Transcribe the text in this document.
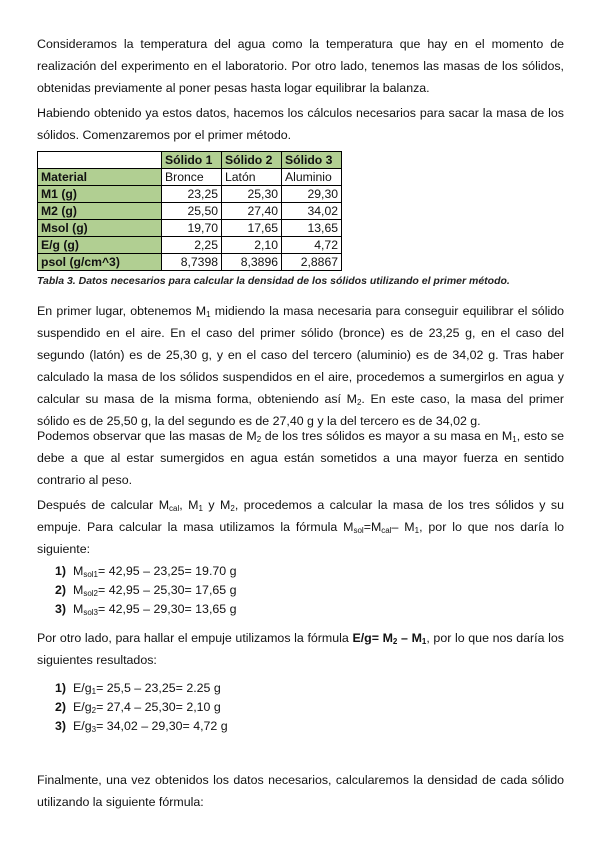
Consideramos la temperatura del agua como la temperatura que hay en el momento de realización del experimento en el laboratorio. Por otro lado, tenemos las masas de los sólidos, obtenidas previamente al poner pesas hasta logar equilibrar la balanza.

Habiendo obtenido ya estos datos, hacemos los cálculos necesarios para sacar la masa de los sólidos. Comenzaremos por el primer método.

	Sólido 1	Sólido 2	Sólido 3
Material	Bronce	Latón	Aluminio
M1 (g)	23,25	25,30	29,30
M2 (g)	25,50	27,40	34,02
Msol (g)	19,70	17,65	13,65
E/g (g)	2,25	2,10	4,72
psol (g/cm^3)	8,7398	8,3896	2,8867
Tabla 3. Datos necesarios para calcular la densidad de los sólidos utilizando el primer método.

En primer lugar, obtenemos $M_1$ midiendo la masa necesaria para conseguir equilibrar el sólido suspendido en el aire. En el caso del primer sólido (bronce) es de 23,25 g, en el caso del segundo (latón) es de 25,30 g, y en el caso del tercero (aluminio) es de 34,02 g. Tras haber calculado la masa de los sólidos suspendidos en el aire, procedemos a sumergirlos en agua y calcular su masa de la misma forma, obteniendo así $M_2$. En este caso, la masa del primer sólido es de 25,50 g, la del segundo es de 27,40 g y la del tercero es de 34,02 g.

Podemos observar que las masas de $M_2$ de los tres sólidos es mayor a su masa en $M_1$, esto se debe a que al estar sumergidos en agua están sometidos a una mayor fuerza en sentido contrario al peso.

Después de calcular $M_{cal}$, $M_1$ y $M_2$, procedemos a calcular la masa de los tres sólidos y su empuje. Para calcular la masa utilizamos la fórmula $M_{sol}=M_{cal}-$ $M_1$, por lo que nos daría lo siguiente:

1) $M_{sol1}= 42,95 - 23,25= 19.70$ g
2) $M_{sol2}= 42,95 - 25,30= 17,65$ g
3) $M_{sol3}= 42,95 - 29,30= 13,65$ g

Por otro lado, para hallar el empuje utilizamos la fórmula $E/g= M_2 - M_1$, por lo que nos daría los siguientes resultados:

1) $E/g_1= 25,5 - 23,25= 2.25$ g
2) $E/g_2= 27,4 - 25,30= 2,10$ g
3) $E/g_3= 34,02 - 29,30= 4,72$ g

Finalmente, una vez obtenidos los datos necesarios, calcularemos la densidad de cada sólido utilizando la siguiente fórmula:
